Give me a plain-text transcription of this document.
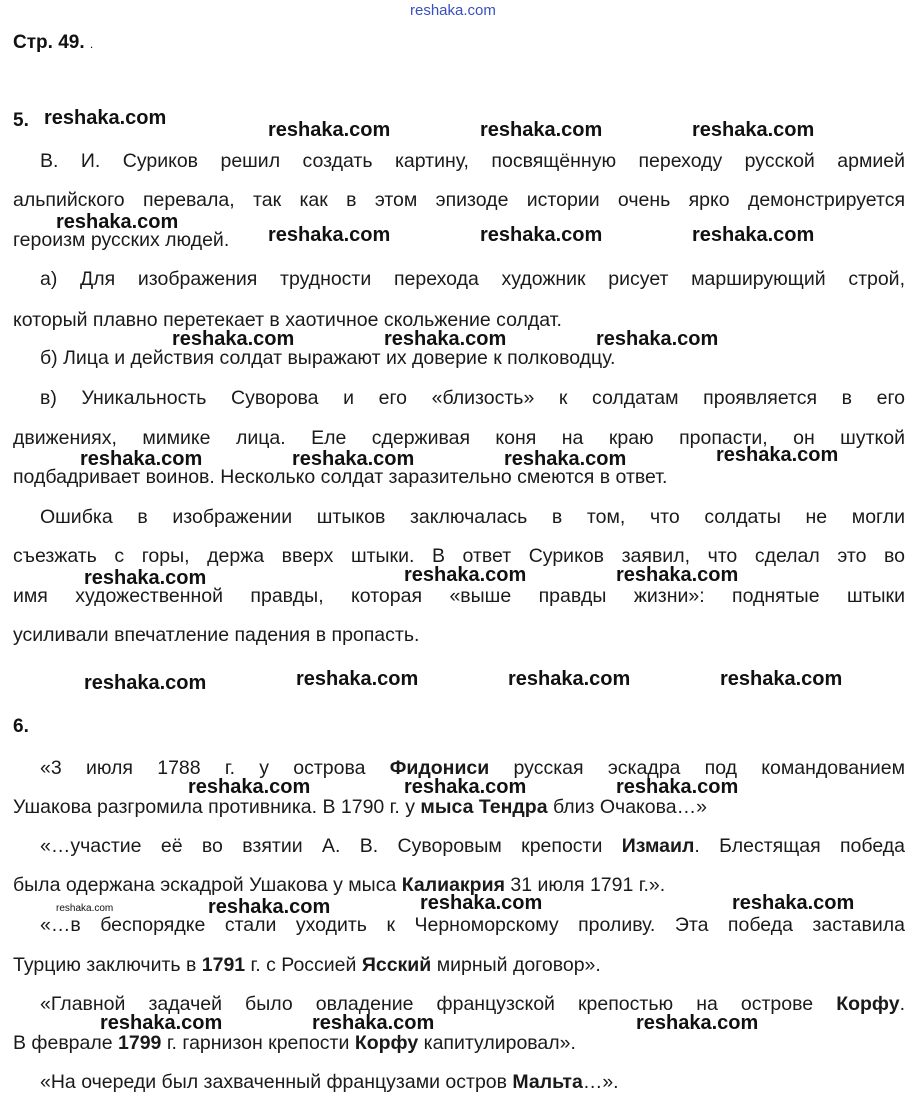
reshaka.com
Стр. 49. .
5.
В. И. Суриков решил создать картину, посвящённую переходу русской армией
альпийского перевала, так как в этом эпизоде истории очень ярко демонстрируется
героизм русских людей.
а) Для изображения трудности перехода художник рисует марширующий строй,
который плавно перетекает в хаотичное скольжение солдат.
б) Лица и действия солдат выражают их доверие к полководцу.
в) Уникальность Суворова и его «близость» к солдатам проявляется в его
движениях, мимике лица. Еле сдерживая коня на краю пропасти, он шуткой
подбадривает воинов. Несколько солдат заразительно смеются в ответ.
Ошибка в изображении штыков заключалась в том, что солдаты не могли
съезжать с горы, держа вверх штыки. В ответ Суриков заявил, что сделал это во
имя художественной правды, которая «выше правды жизни»: поднятые штыки
усиливали впечатление падения в пропасть.
6.
«3 июля 1788 г. у острова Фидониси русская эскадра под командованием
Ушакова разгромила противника. В 1790 г. у мыса Тендра близ Очакова…»
«…участие её во взятии А. В. Суворовым крепости Измаил. Блестящая победа
была одержана эскадрой Ушакова у мыса Калиакрия 31 июля 1791 г.».
«…в беспорядке стали уходить к Черноморскому проливу. Эта победа заставила
Турцию заключить в 1791 г. с Россией Ясский мирный договор».
«Главной задачей было овладение французской крепостью на острове Корфу.
В феврале 1799 г. гарнизон крепости Корфу капитулировал».
«На очереди был захваченный французами остров Мальта…».
reshaka.com
reshaka.com	reshaka.com	reshaka.com
reshaka.com
reshaka.com	reshaka.com	reshaka.com
reshaka.com	reshaka.com	reshaka.com
reshaka.com	reshaka.com	reshaka.com	reshaka.com
reshaka.com	reshaka.com	reshaka.com
reshaka.com	reshaka.com	reshaka.com	reshaka.com
reshaka.com	reshaka.com	reshaka.com
reshaka.com	reshaka.com	reshaka.com	reshaka.com
reshaka.com	reshaka.com	reshaka.com
